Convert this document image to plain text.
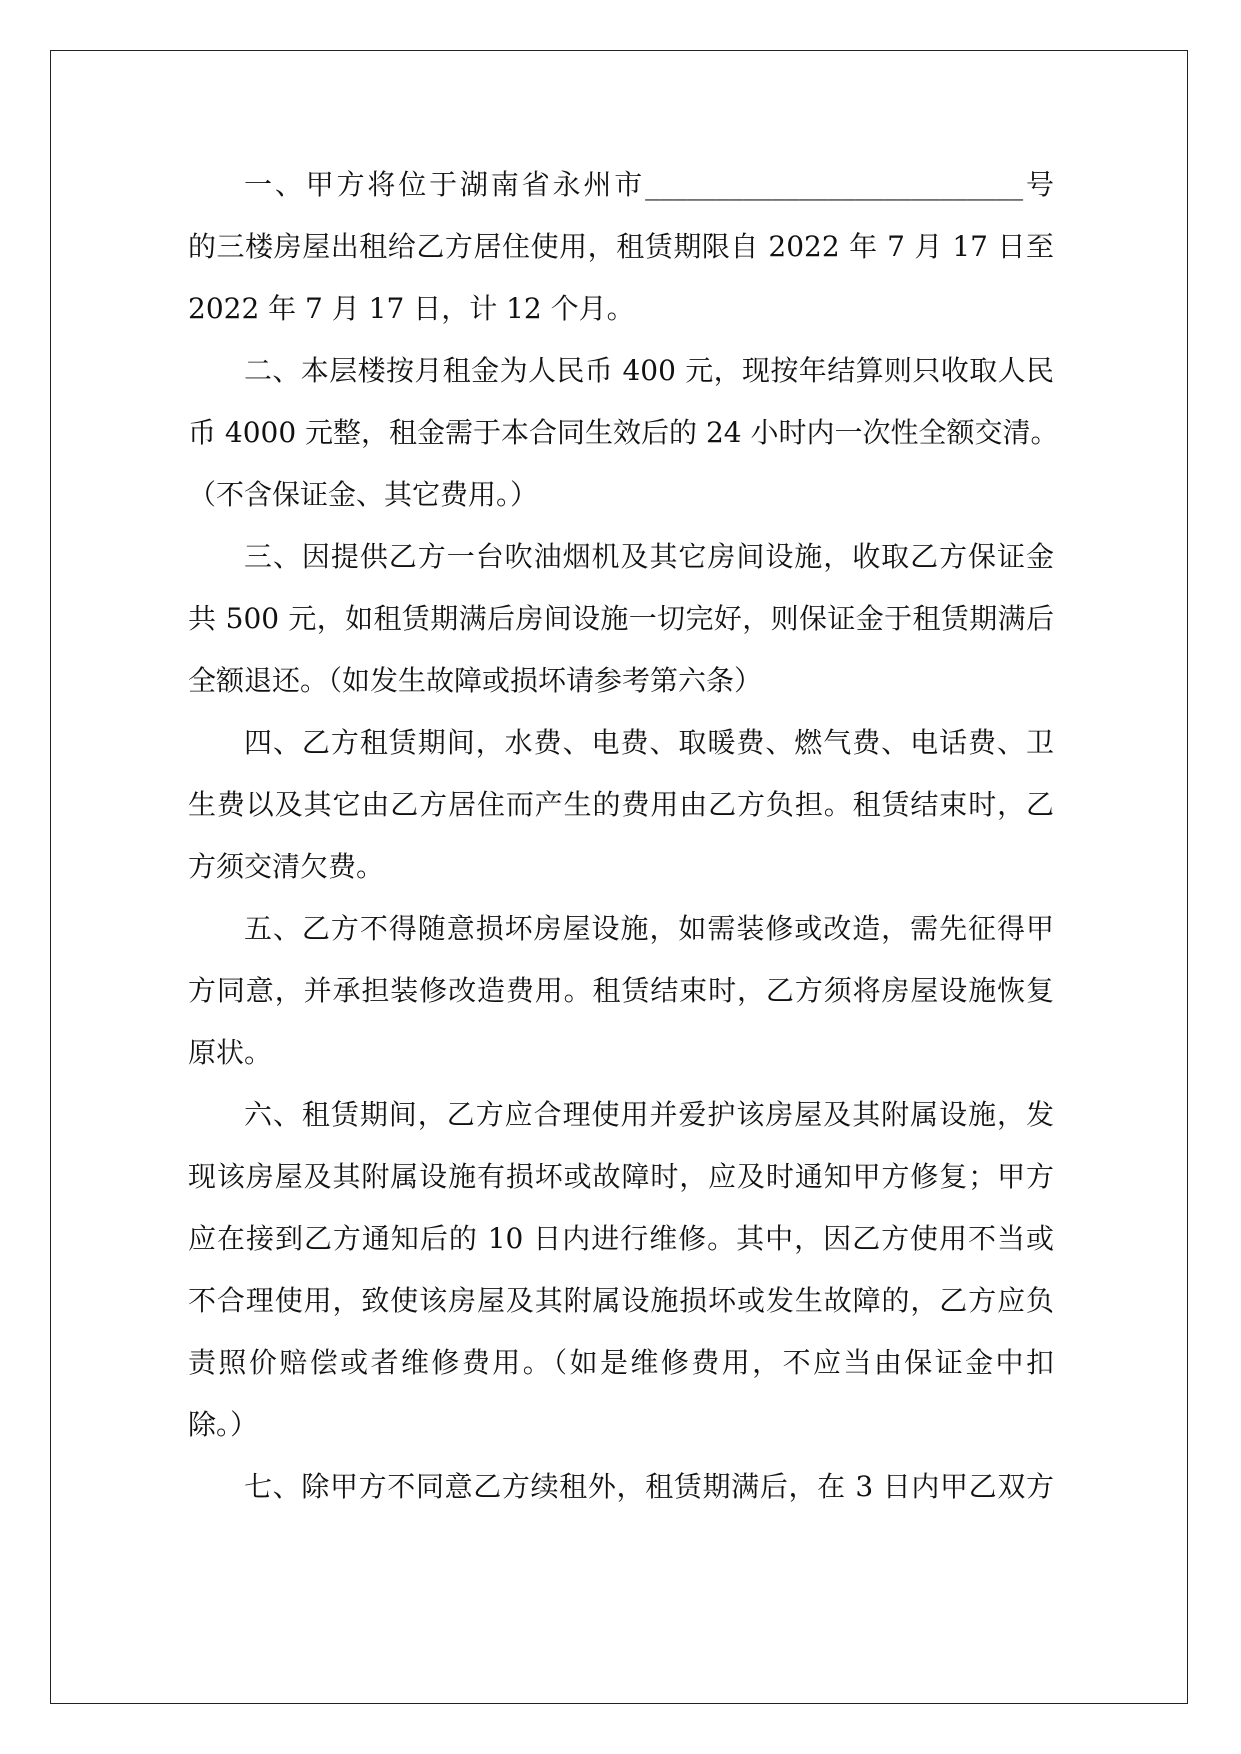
一、甲方将位于湖南省永州市___________________________号
的三楼房屋出租给乙方居住使用，租赁期限自 2022 年 7 月 17 日至
2022 年 7 月 17 日，计 12 个月。
二、本层楼按月租金为人民币 400 元，现按年结算则只收取人民
币 4000 元整，租金需于本合同生效后的 24 小时内一次性全额交清。
（不含保证金、其它费用。）
三、因提供乙方一台吹油烟机及其它房间设施，收取乙方保证金
共 500 元，如租赁期满后房间设施一切完好，则保证金于租赁期满后
全额退还。（如发生故障或损坏请参考第六条）
四、乙方租赁期间，水费、电费、取暖费、燃气费、电话费、卫
生费以及其它由乙方居住而产生的费用由乙方负担。租赁结束时，乙
方须交清欠费。
五、乙方不得随意损坏房屋设施，如需装修或改造，需先征得甲
方同意，并承担装修改造费用。租赁结束时，乙方须将房屋设施恢复
原状。
六、租赁期间，乙方应合理使用并爱护该房屋及其附属设施，发
现该房屋及其附属设施有损坏或故障时，应及时通知甲方修复；甲方
应在接到乙方通知后的 10 日内进行维修。其中，因乙方使用不当或
不合理使用，致使该房屋及其附属设施损坏或发生故障的，乙方应负
责照价赔偿或者维修费用。（如是维修费用，不应当由保证金中扣
除。）
七、除甲方不同意乙方续租外，租赁期满后，在 3 日内甲乙双方
